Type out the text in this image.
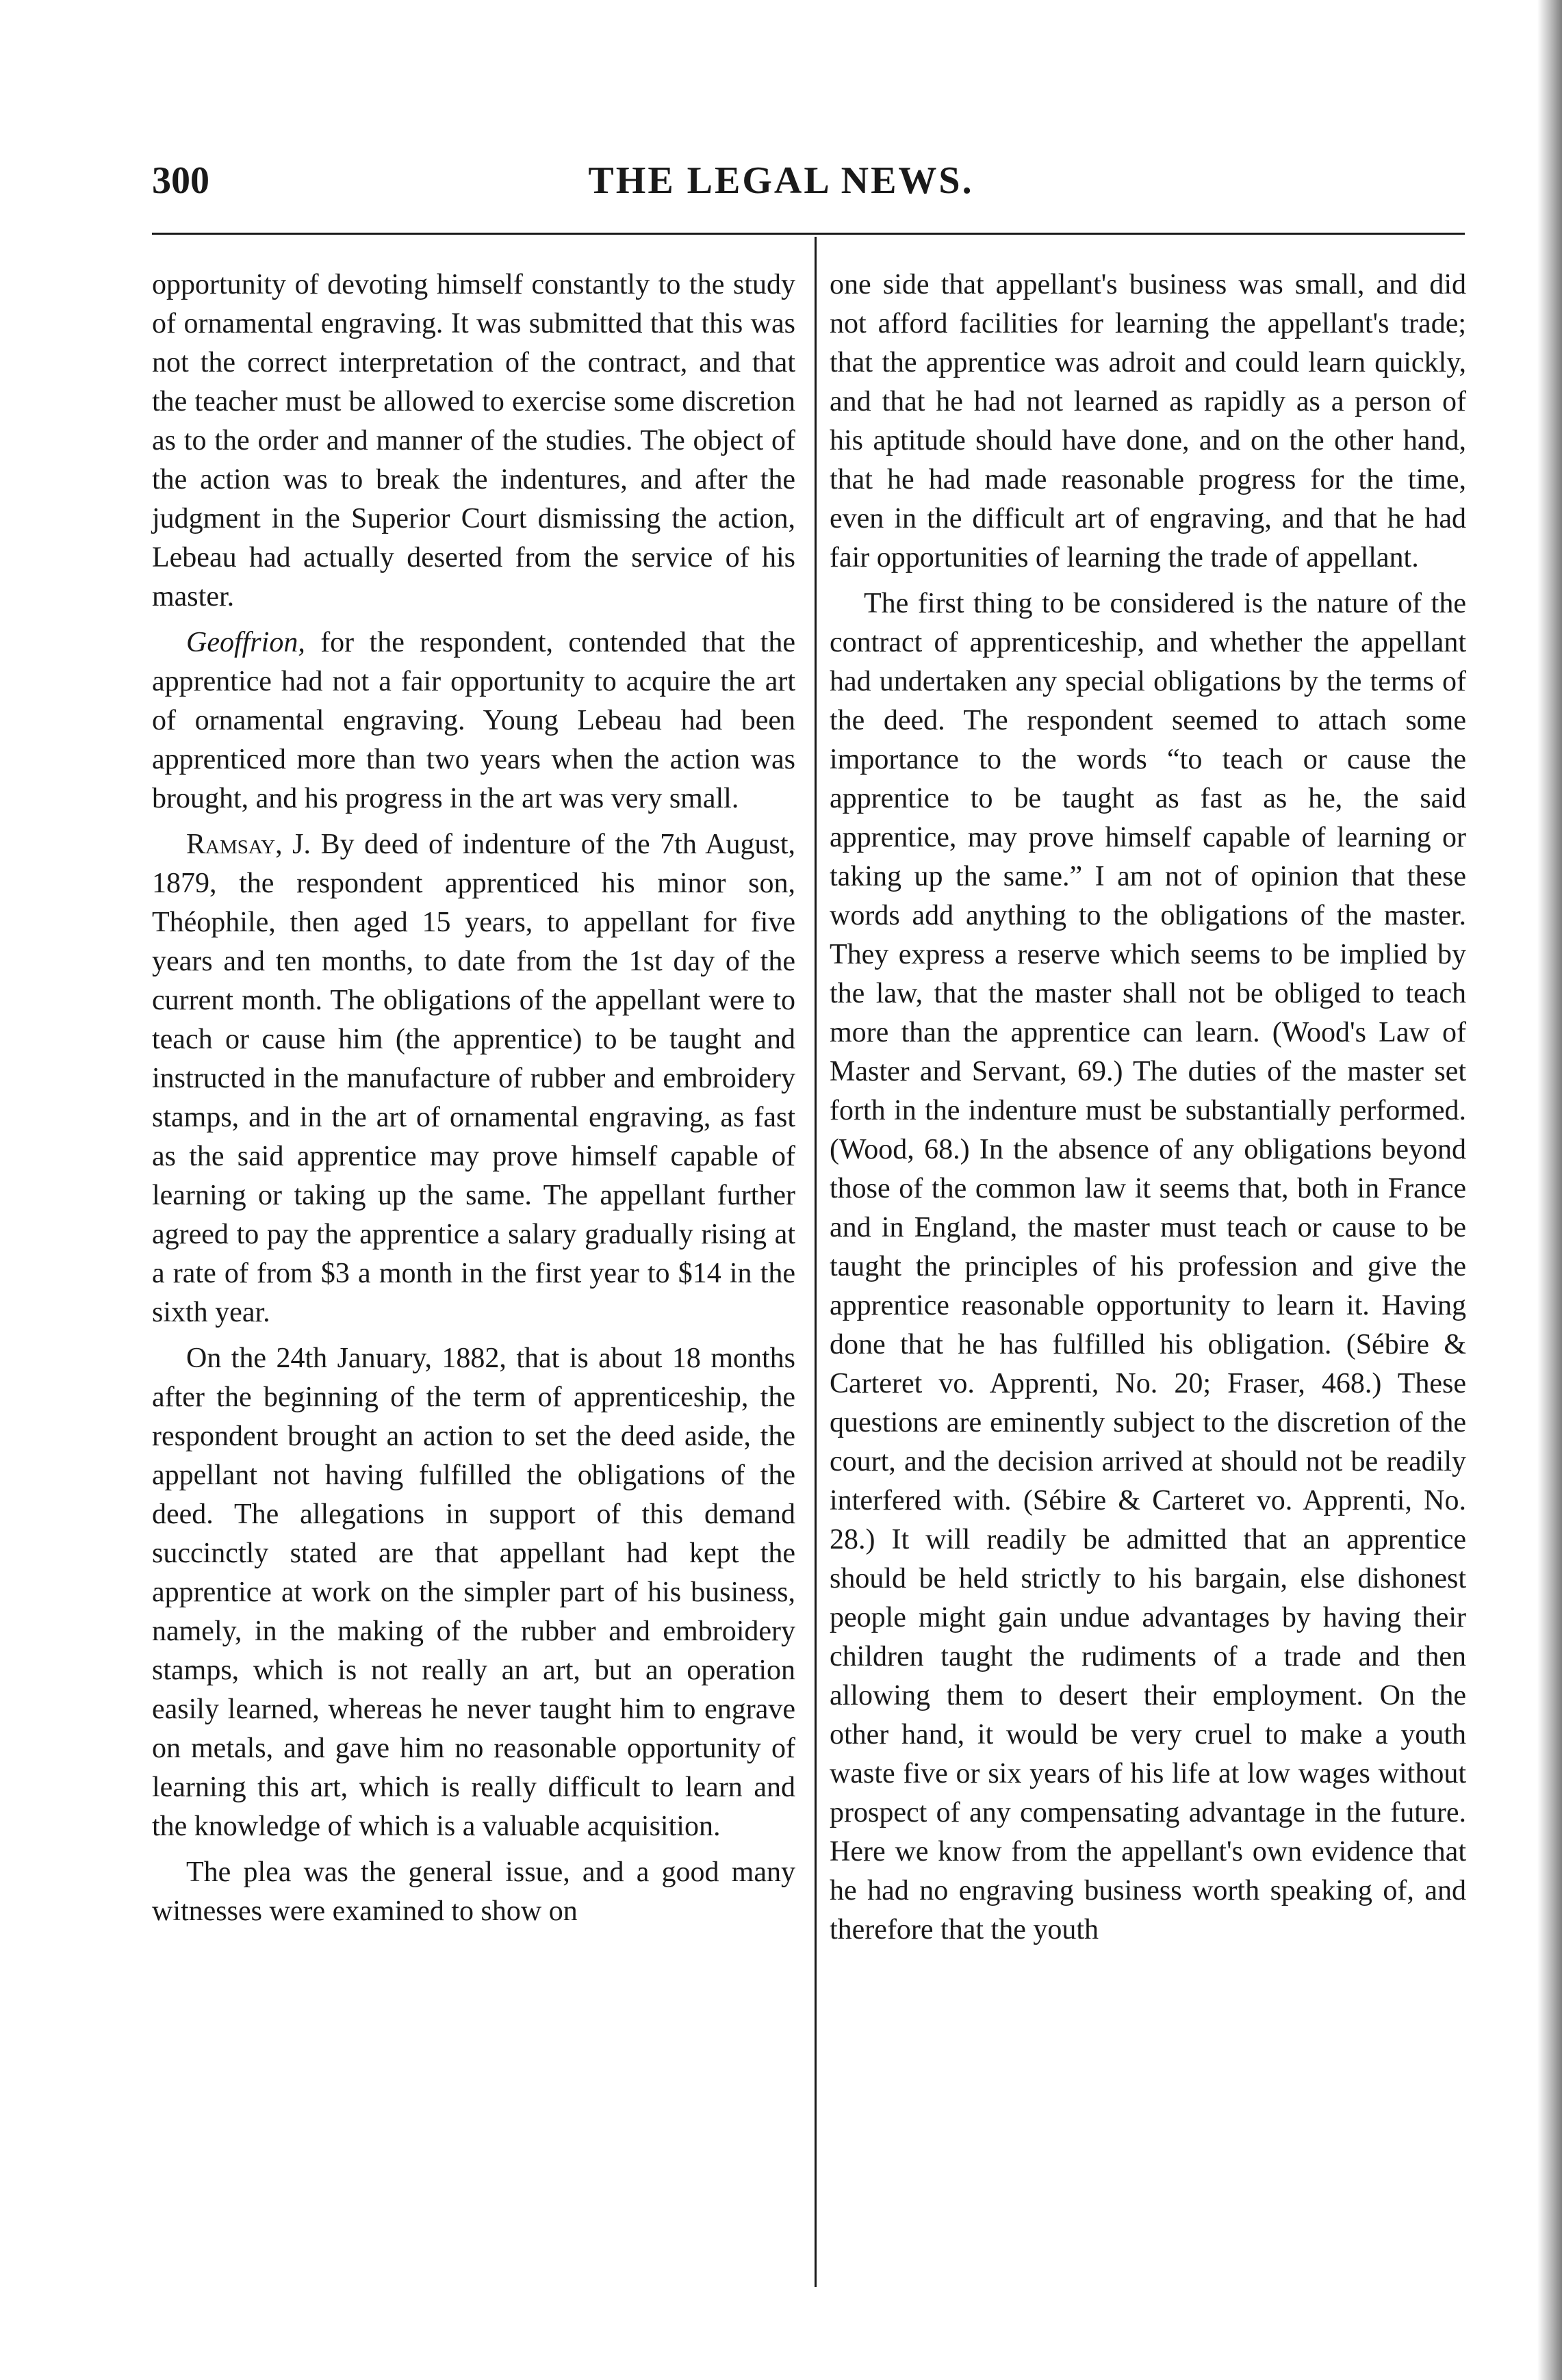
300	THE LEGAL NEWS.

opportunity of devoting himself constantly to the study of ornamental engraving. It was submitted that this was not the correct interpretation of the contract, and that the teacher must be allowed to exercise some discretion as to the order and manner of the studies. The object of the action was to break the indentures, and after the judgment in the Superior Court dismissing the action, Lebeau had actually deserted from the service of his master.

Geoffrion, for the respondent, contended that the apprentice had not a fair opportunity to acquire the art of ornamental engraving. Young Lebeau had been apprenticed more than two years when the action was brought, and his progress in the art was very small.

Ramsay, J. By deed of indenture of the 7th August, 1879, the respondent apprenticed his minor son, Théophile, then aged 15 years, to appellant for five years and ten months, to date from the 1st day of the current month. The obligations of the appellant were to teach or cause him (the apprentice) to be taught and instructed in the manufacture of rubber and embroidery stamps, and in the art of ornamental engraving, as fast as the said apprentice may prove himself capable of learning or taking up the same. The appellant further agreed to pay the apprentice a salary gradually rising at a rate of from $3 a month in the first year to $14 in the sixth year.

On the 24th January, 1882, that is about 18 months after the beginning of the term of apprenticeship, the respondent brought an action to set the deed aside, the appellant not having fulfilled the obligations of the deed. The allegations in support of this demand succinctly stated are that appellant had kept the apprentice at work on the simpler part of his business, namely, in the making of the rubber and embroidery stamps, which is not really an art, but an operation easily learned, whereas he never taught him to engrave on metals, and gave him no reasonable opportunity of learning this art, which is really difficult to learn and the knowledge of which is a valuable acquisition.

The plea was the general issue, and a good many witnesses were examined to show on

one side that appellant's business was small, and did not afford facilities for learning the appellant's trade; that the apprentice was adroit and could learn quickly, and that he had not learned as rapidly as a person of his aptitude should have done, and on the other hand, that he had made reasonable progress for the time, even in the difficult art of engraving, and that he had fair opportunities of learning the trade of appellant.

The first thing to be considered is the nature of the contract of apprenticeship, and whether the appellant had undertaken any special obligations by the terms of the deed. The respondent seemed to attach some importance to the words “to teach or cause the apprentice to be taught as fast as he, the said apprentice, may prove himself capable of learning or taking up the same.” I am not of opinion that these words add anything to the obligations of the master. They express a reserve which seems to be implied by the law, that the master shall not be obliged to teach more than the apprentice can learn. (Wood's Law of Master and Servant, 69.) The duties of the master set forth in the indenture must be substantially performed. (Wood, 68.) In the absence of any obligations beyond those of the common law it seems that, both in France and in England, the master must teach or cause to be taught the principles of his profession and give the apprentice reasonable opportunity to learn it. Having done that he has fulfilled his obligation. (Sébire & Carteret vo. Apprenti, No. 20; Fraser, 468.) These questions are eminently subject to the discretion of the court, and the decision arrived at should not be readily interfered with. (Sébire & Carteret vo. Apprenti, No. 28.) It will readily be admitted that an apprentice should be held strictly to his bargain, else dishonest people might gain undue advantages by having their children taught the rudiments of a trade and then allowing them to desert their employment. On the other hand, it would be very cruel to make a youth waste five or six years of his life at low wages without prospect of any compensating advantage in the future. Here we know from the appellant's own evidence that he had no engraving business worth speaking of, and therefore that the youth
